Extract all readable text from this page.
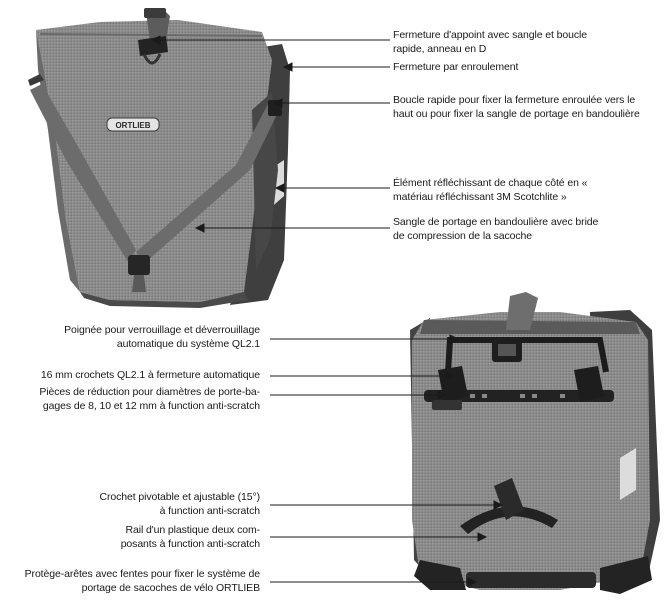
ORTLIEB
Fermeture d'appoint avec sangle et boucle
rapide, anneau en D
Fermeture par enroulement
Boucle rapide pour fixer la fermeture enroulée vers le
haut ou pour fixer la sangle de portage en bandoulière
Élément réfléchissant de chaque côté en «
matériau réfléchissant 3M Scotchlite »
Sangle de portage en bandoulière avec bride
de compression de la sacoche
Poignée pour verrouillage et déverrouillage
automatique du système QL2.1
16 mm crochets QL2.1 à fermeture automatique
Pièces de réduction pour diamètres de porte-ba-
gages de 8, 10 et 12 mm à function anti-scratch
Crochet pivotable et ajustable (15°)
à function anti-scratch
Rail d'un plastique deux com-
posants à function anti-scratch
Protège-arêtes avec fentes pour fixer le système de
portage de sacoches de vélo ORTLIEB
